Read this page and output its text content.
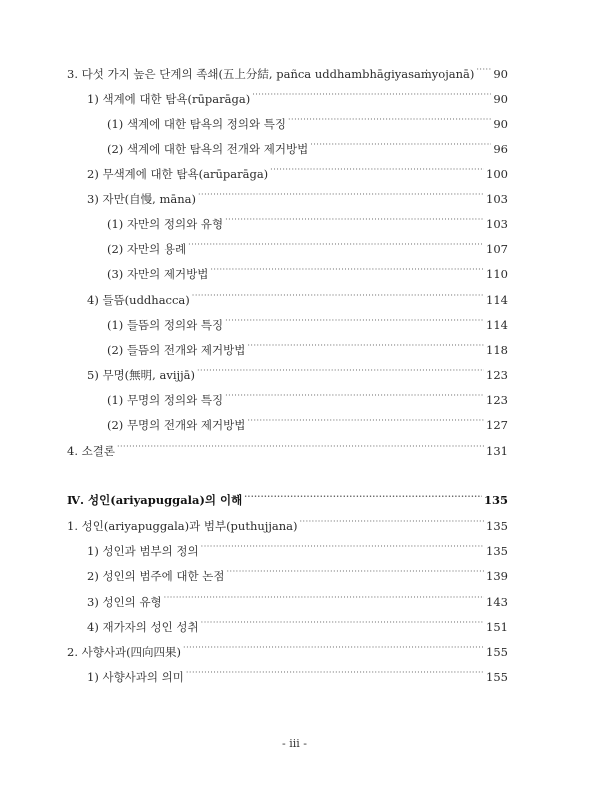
3. 다섯 가지 높은 단계의 족쇄(五上分結, pañca uddhambhāgiyasaṁyojanā) ····· 90
1) 색계에 대한 탐욕(rūparāga) ·····	90
(1) 색계에 대한 탐욕의 정의와 특징 ·····	90
(2) 색계에 대한 탐욕의 전개와 제거방법 ·····	96
2) 무색계에 대한 탐욕(arūparāga) ·····	100
3) 자만(自慢, māna) ·····	103
(1) 자만의 정의와 유형 ·····	103
(2) 자만의 용례 ·····	107
(3) 자만의 제거방법 ·····	110
4) 들뜸(uddhacca) ·····	114
(1) 들뜸의 정의와 특징 ·····	114
(2) 들뜸의 전개와 제거방법 ·····	118
5) 무명(無明, avijjā) ·····	123
(1) 무명의 정의와 특징 ·····	123
(2) 무명의 전개와 제거방법 ·····	127
4. 소결론 ·····	131
Ⅳ. 성인(ariyapuggala)의 이해 ·····	135
1. 성인(ariyapuggala)과 범부(puthujjana) ·····	135
1) 성인과 범부의 정의 ·····	135
2) 성인의 범주에 대한 논점 ·····	139
3) 성인의 유형 ·····	143
4) 재가자의 성인 성취 ·····	151
2. 사향사과(四向四果) ·····	155
1) 사향사과의 의미 ·····	155
- iii -
